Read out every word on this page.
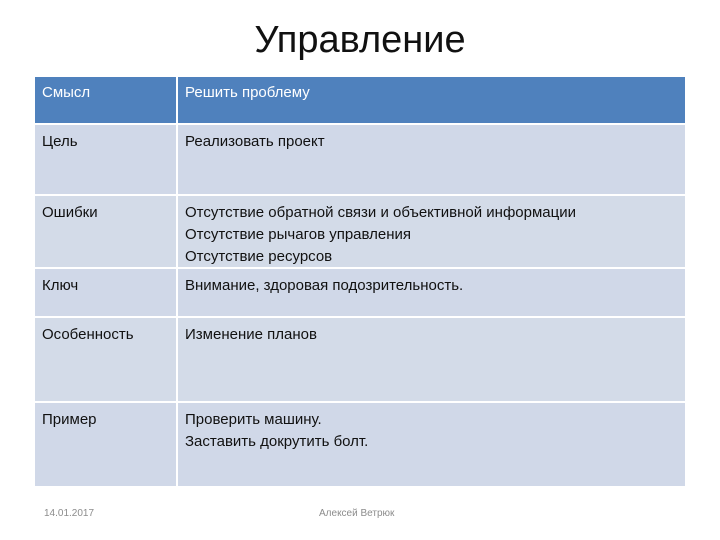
Управление
Смысл	Решить проблему
Цель	Реализовать проект
Ошибки	Отсутствие обратной связи и объективной информации
Отсутствие рычагов управления
Отсутствие ресурсов
Ключ	Внимание, здоровая подозрительность.
Особенность	Изменение планов
Пример	Проверить машину.
Заставить докрутить болт.
14.01.2017	Алексей Ветрюк
